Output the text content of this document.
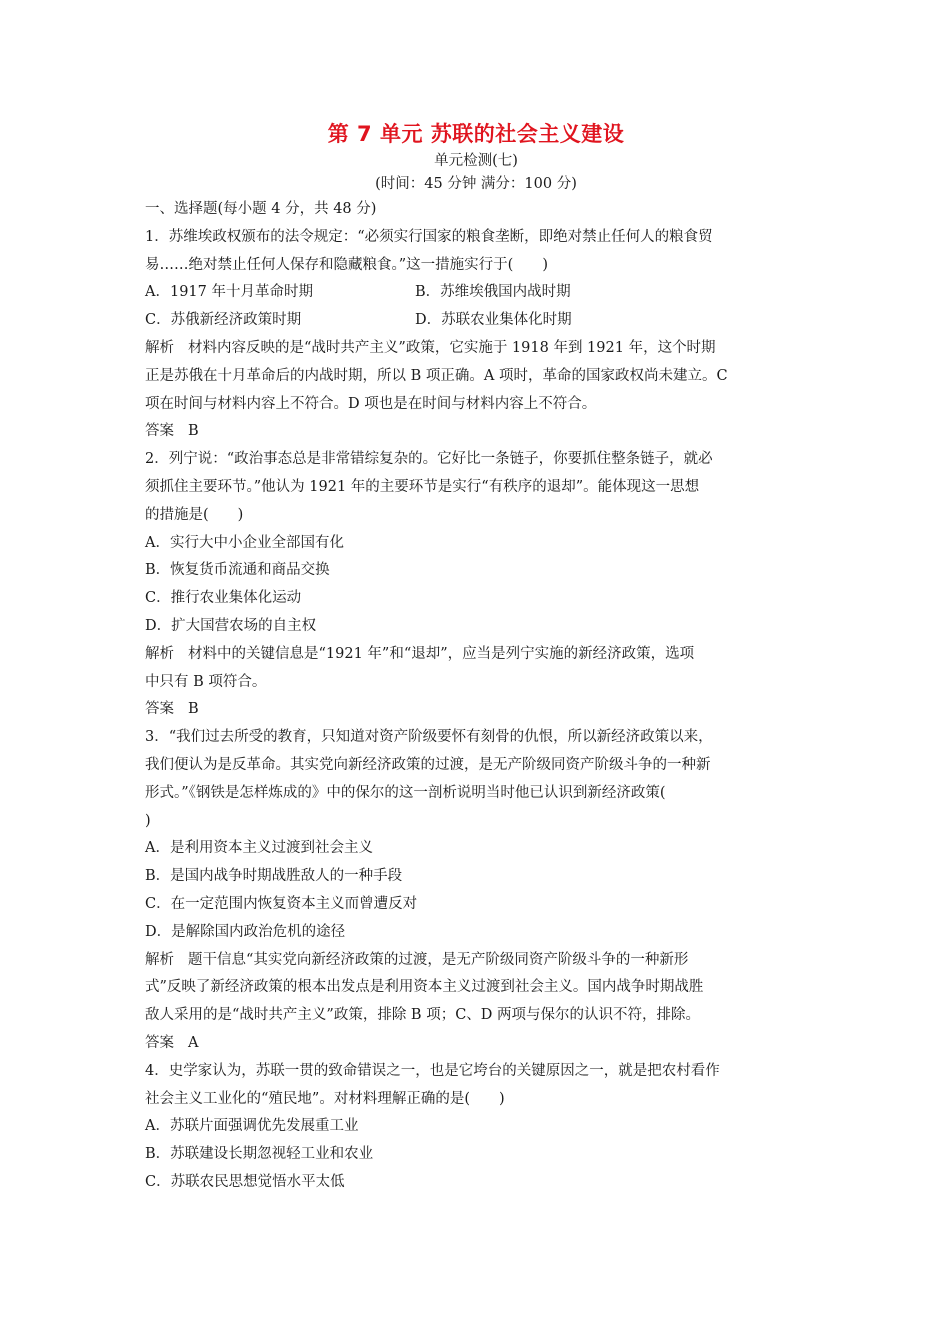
第 7 单元 苏联的社会主义建设
单元检测(七)
(时间：45 分钟 满分：100 分)
一、选择题(每小题 4 分，共 48 分)
1．苏维埃政权颁布的法令规定：“必须实行国家的粮食垄断，即绝对禁止任何人的粮食贸
易……绝对禁止任何人保存和隐藏粮食。”这一措施实行于(　　)
A．1917 年十月革命时期	B．苏维埃俄国内战时期
C．苏俄新经济政策时期	D．苏联农业集体化时期
解析 材料内容反映的是“战时共产主义”政策，它实施于 1918 年到 1921 年，这个时期
正是苏俄在十月革命后的内战时期，所以 B 项正确。A 项时，革命的国家政权尚未建立。C
项在时间与材料内容上不符合。D 项也是在时间与材料内容上不符合。
答案 B
2．列宁说：“政治事态总是非常错综复杂的。它好比一条链子，你要抓住整条链子，就必
须抓住主要环节。”他认为 1921 年的主要环节是实行“有秩序的退却”。能体现这一思想
的措施是(　　)
A．实行大中小企业全部国有化
B．恢复货币流通和商品交换
C．推行农业集体化运动
D．扩大国营农场的自主权
解析 材料中的关键信息是“1921 年”和“退却”，应当是列宁实施的新经济政策，选项
中只有 B 项符合。
答案 B
3．“我们过去所受的教育，只知道对资产阶级要怀有刻骨的仇恨，所以新经济政策以来，
我们便认为是反革命。其实党向新经济政策的过渡，是无产阶级同资产阶级斗争的一种新
形式。”《钢铁是怎样炼成的》中的保尔的这一剖析说明当时他已认识到新经济政策(
)
A．是利用资本主义过渡到社会主义
B．是国内战争时期战胜敌人的一种手段
C．在一定范围内恢复资本主义而曾遭反对
D．是解除国内政治危机的途径
解析 题干信息“其实党向新经济政策的过渡，是无产阶级同资产阶级斗争的一种新形
式”反映了新经济政策的根本出发点是利用资本主义过渡到社会主义。国内战争时期战胜
敌人采用的是“战时共产主义”政策，排除 B 项；C、D 两项与保尔的认识不符，排除。
答案 A
4．史学家认为，苏联一贯的致命错误之一，也是它垮台的关键原因之一，就是把农村看作
社会主义工业化的“殖民地”。对材料理解正确的是(　　)
A．苏联片面强调优先发展重工业
B．苏联建设长期忽视轻工业和农业
C．苏联农民思想觉悟水平太低
